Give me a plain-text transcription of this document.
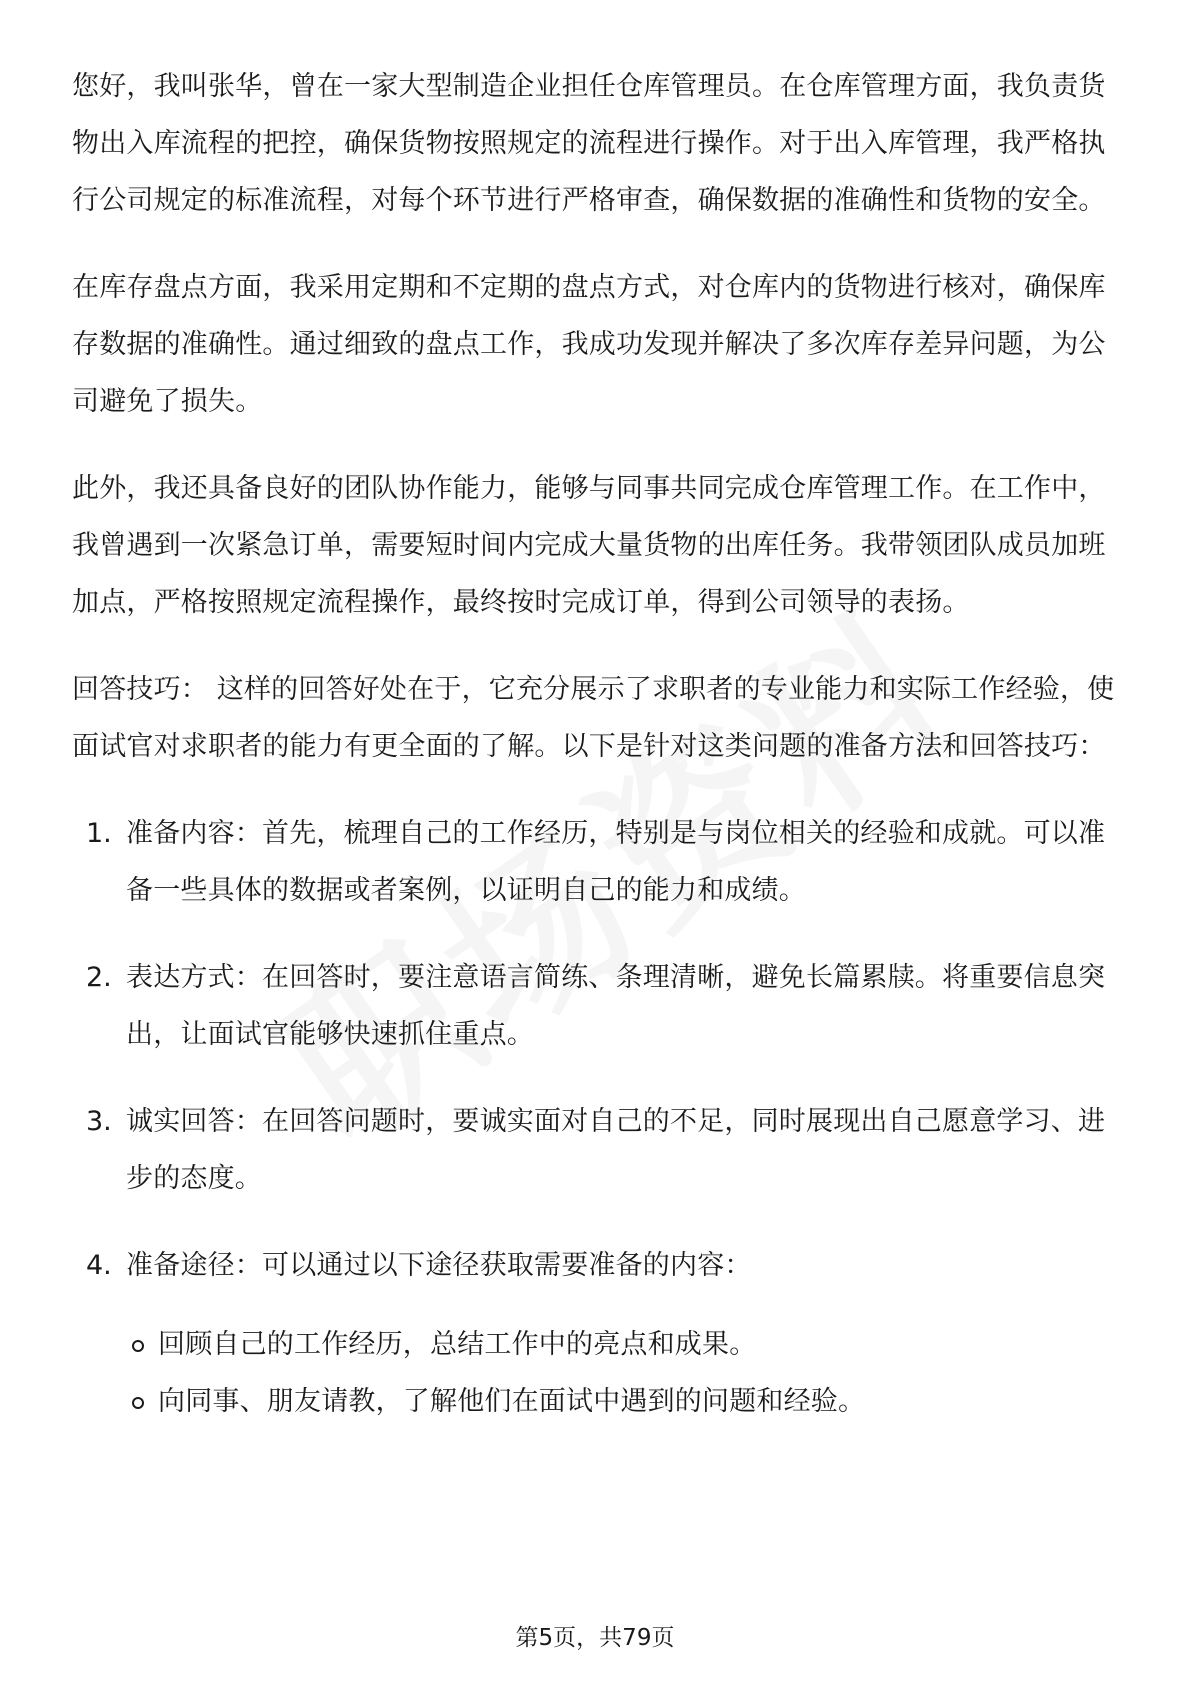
您好，我叫张华，曾在一家大型制造企业担任仓库管理员。在仓库管理方面，我负责货物出入库流程的把控，确保货物按照规定的流程进行操作。对于出入库管理，我严格执行公司规定的标准流程，对每个环节进行严格审查，确保数据的准确性和货物的安全。

在库存盘点方面，我采用定期和不定期的盘点方式，对仓库内的货物进行核对，确保库存数据的准确性。通过细致的盘点工作，我成功发现并解决了多次库存差异问题，为公司避免了损失。

此外，我还具备良好的团队协作能力，能够与同事共同完成仓库管理工作。在工作中，我曾遇到一次紧急订单，需要短时间内完成大量货物的出库任务。我带领团队成员加班加点，严格按照规定流程操作，最终按时完成订单，得到公司领导的表扬。

回答技巧： 这样的回答好处在于，它充分展示了求职者的专业能力和实际工作经验，使面试官对求职者的能力有更全面的了解。以下是针对这类问题的准备方法和回答技巧：

1. 准备内容：首先，梳理自己的工作经历，特别是与岗位相关的经验和成就。可以准备一些具体的数据或者案例，以证明自己的能力和成绩。
2. 表达方式：在回答时，要注意语言简练、条理清晰，避免长篇累牍。将重要信息突出，让面试官能够快速抓住重点。
3. 诚实回答：在回答问题时，要诚实面对自己的不足，同时展现出自己愿意学习、进步的态度。
4. 准备途径：可以通过以下途径获取需要准备的内容：
回顾自己的工作经历，总结工作中的亮点和成果。
向同事、朋友请教，了解他们在面试中遇到的问题和经验。
第5页，共79页
